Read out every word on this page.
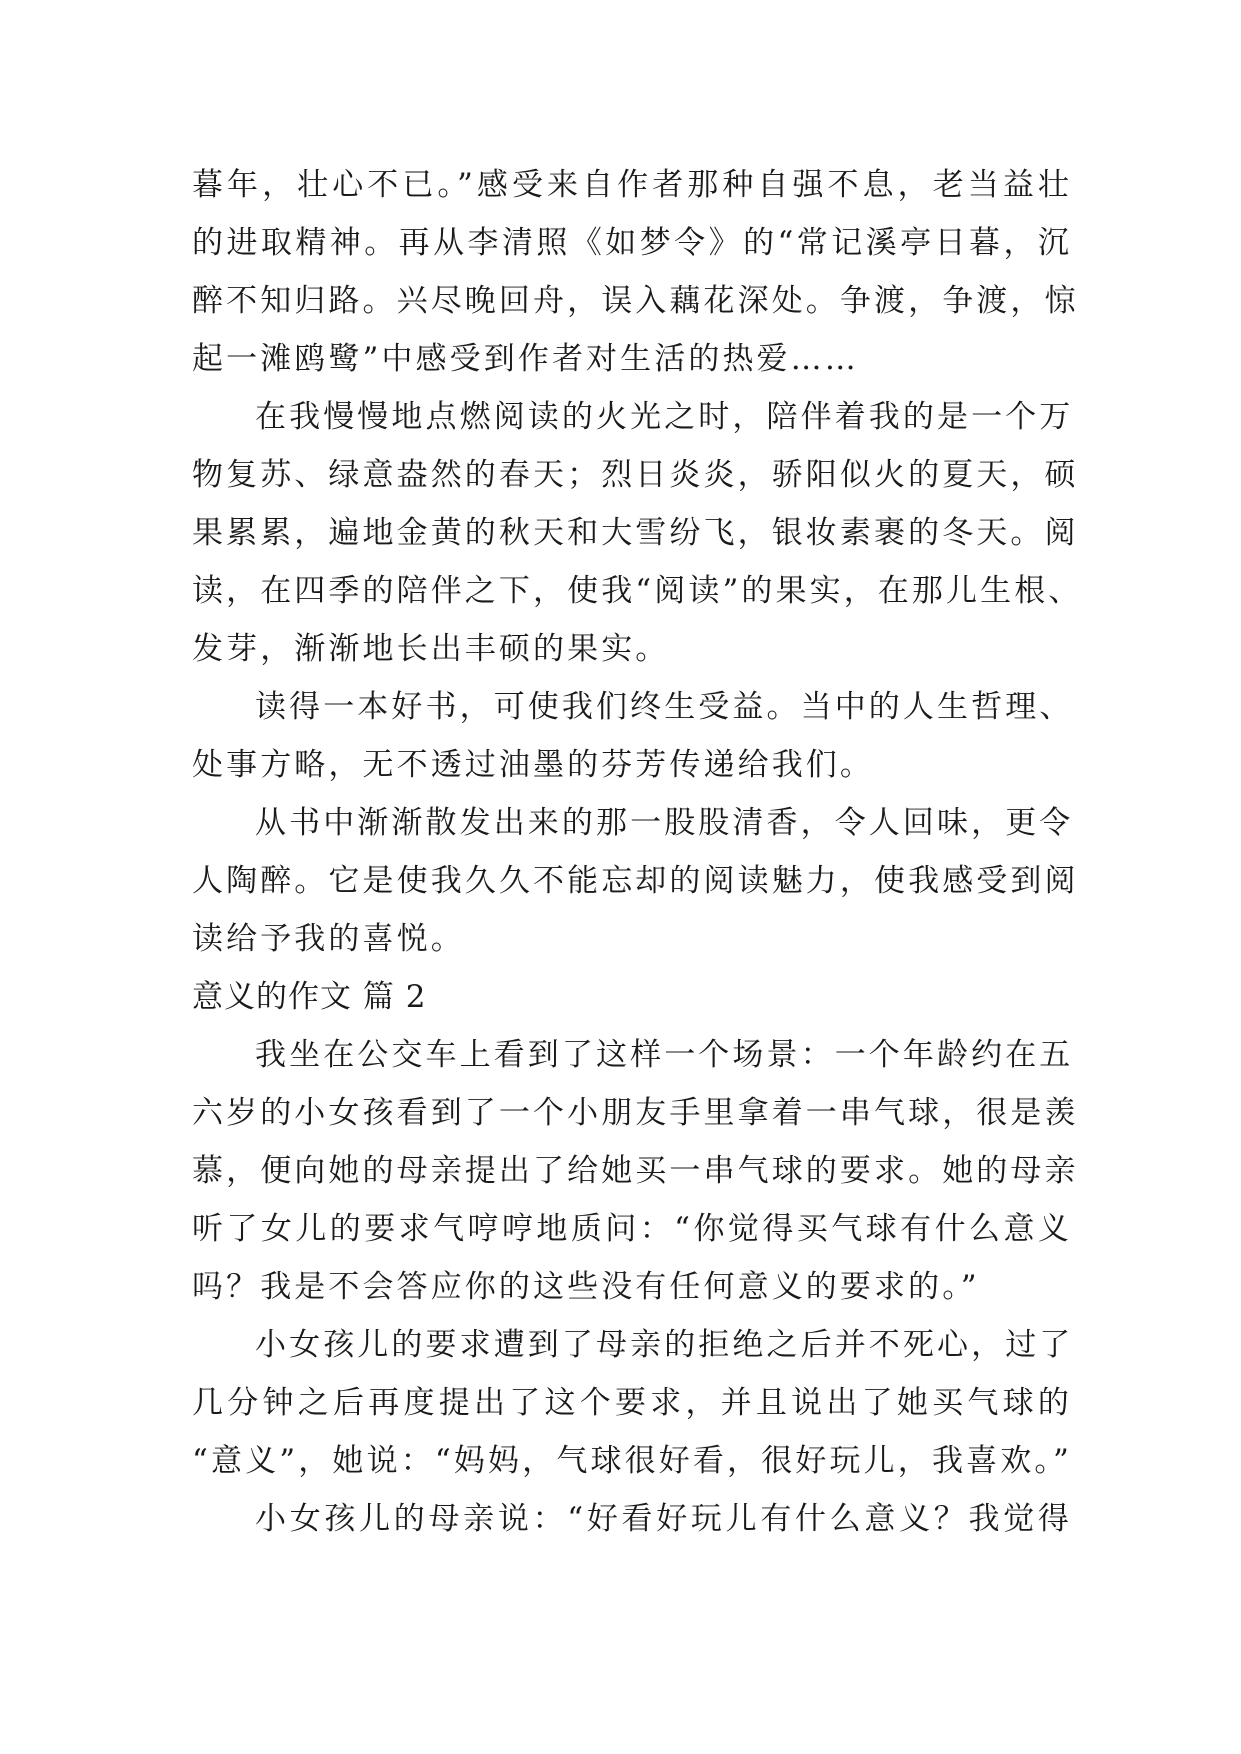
暮年，壮心不已。”感受来自作者那种自强不息，老当益壮
的进取精神。再从李清照《如梦令》的“常记溪亭日暮，沉
醉不知归路。兴尽晚回舟，误入藕花深处。争渡，争渡，惊
起一滩鸥鹭”中感受到作者对生活的热爱……
在我慢慢地点燃阅读的火光之时，陪伴着我的是一个万
物复苏、绿意盎然的春天；烈日炎炎，骄阳似火的夏天，硕
果累累，遍地金黄的秋天和大雪纷飞，银妆素裹的冬天。阅
读，在四季的陪伴之下，使我“阅读”的果实，在那儿生根、
发芽，渐渐地长出丰硕的果实。
读得一本好书，可使我们终生受益。当中的人生哲理、
处事方略，无不透过油墨的芬芳传递给我们。
从书中渐渐散发出来的那一股股清香，令人回味，更令
人陶醉。它是使我久久不能忘却的阅读魅力，使我感受到阅
读给予我的喜悦。
意义的作文 篇 2
我坐在公交车上看到了这样一个场景：一个年龄约在五
六岁的小女孩看到了一个小朋友手里拿着一串气球，很是羡
慕，便向她的母亲提出了给她买一串气球的要求。她的母亲
听了女儿的要求气哼哼地质问：“你觉得买气球有什么意义
吗？我是不会答应你的这些没有任何意义的要求的。”
小女孩儿的要求遭到了母亲的拒绝之后并不死心，过了
几分钟之后再度提出了这个要求，并且说出了她买气球的
“意义”，她说：“妈妈，气球很好看，很好玩儿，我喜欢。”
小女孩儿的母亲说：“好看好玩儿有什么意义？我觉得
